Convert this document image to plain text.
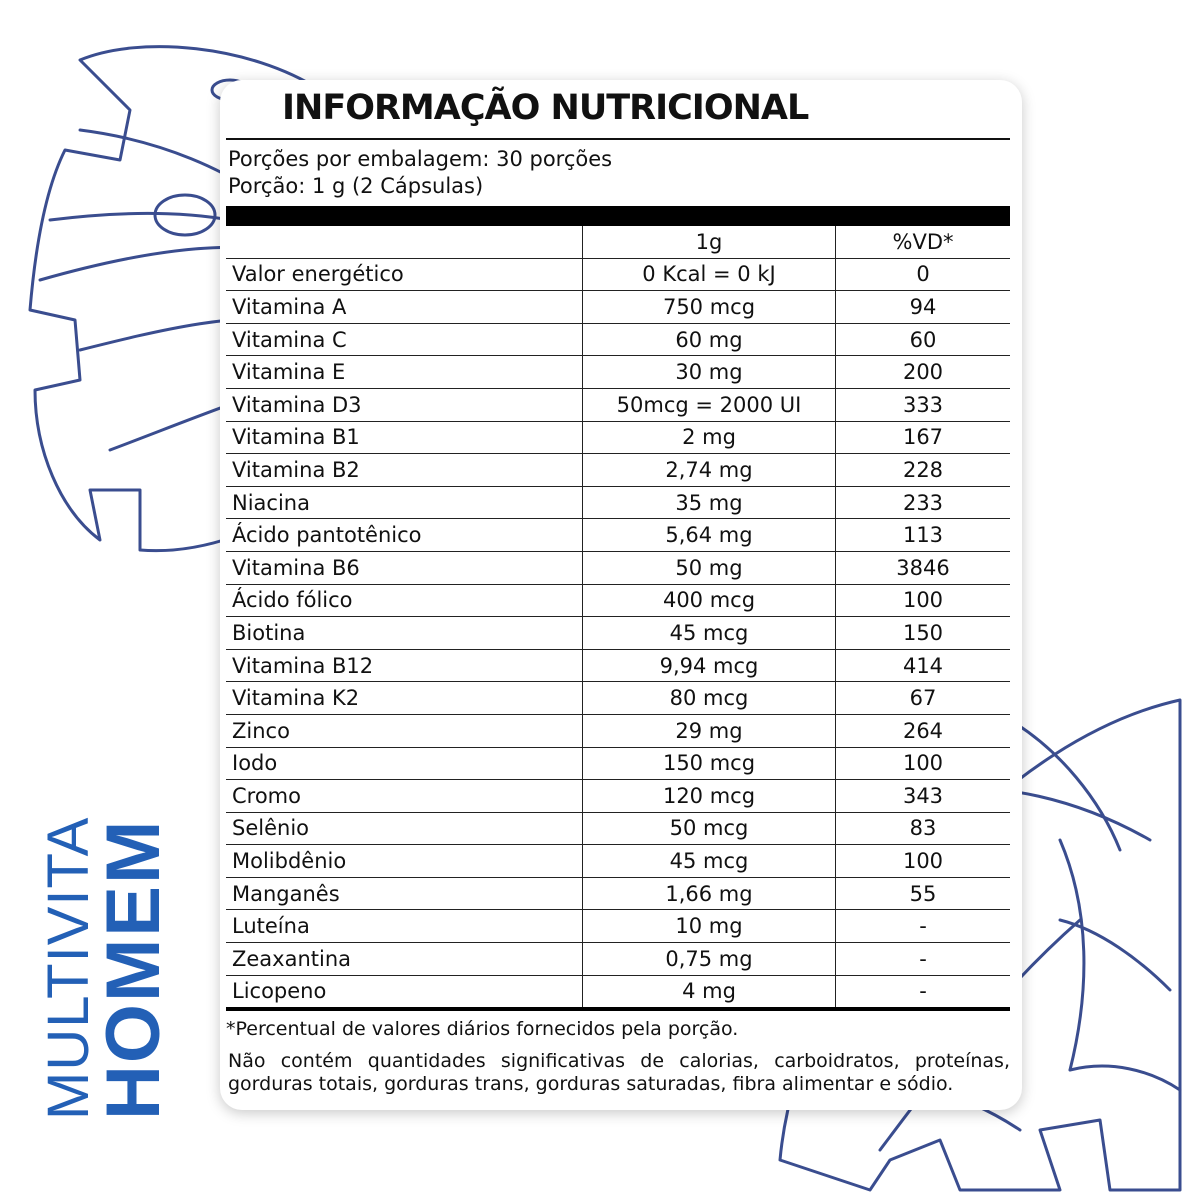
MULTIVITA
HOMEM
INFORMAÇÃO NUTRICIONAL
Porções por embalagem: 30 porções
Porção: 1 g (2 Cápsulas)
	1g	%VD*
Valor energético	0 Kcal = 0 kJ	0
Vitamina A	750 mcg	94
Vitamina C	60 mg	60
Vitamina E	30 mg	200
Vitamina D3	50mcg = 2000 UI	333
Vitamina B1	2 mg	167
Vitamina B2	2,74 mg	228
Niacina	35 mg	233
Ácido pantotênico	5,64 mg	113
Vitamina B6	50 mg	3846
Ácido fólico	400 mcg	100
Biotina	45 mcg	150
Vitamina B12	9,94 mcg	414
Vitamina K2	80 mcg	67
Zinco	29 mg	264
Iodo	150 mcg	100
Cromo	120 mcg	343
Selênio	50 mcg	83
Molibdênio	45 mcg	100
Manganês	1,66 mg	55
Luteína	10 mg	-
Zeaxantina	0,75 mg	-
Licopeno	4 mg	-
*Percentual de valores diários fornecidos pela porção.
Não contém quantidades significativas de calorias, carboidratos, proteínas, gorduras totais, gorduras trans, gorduras saturadas, fibra alimentar e sódio.
